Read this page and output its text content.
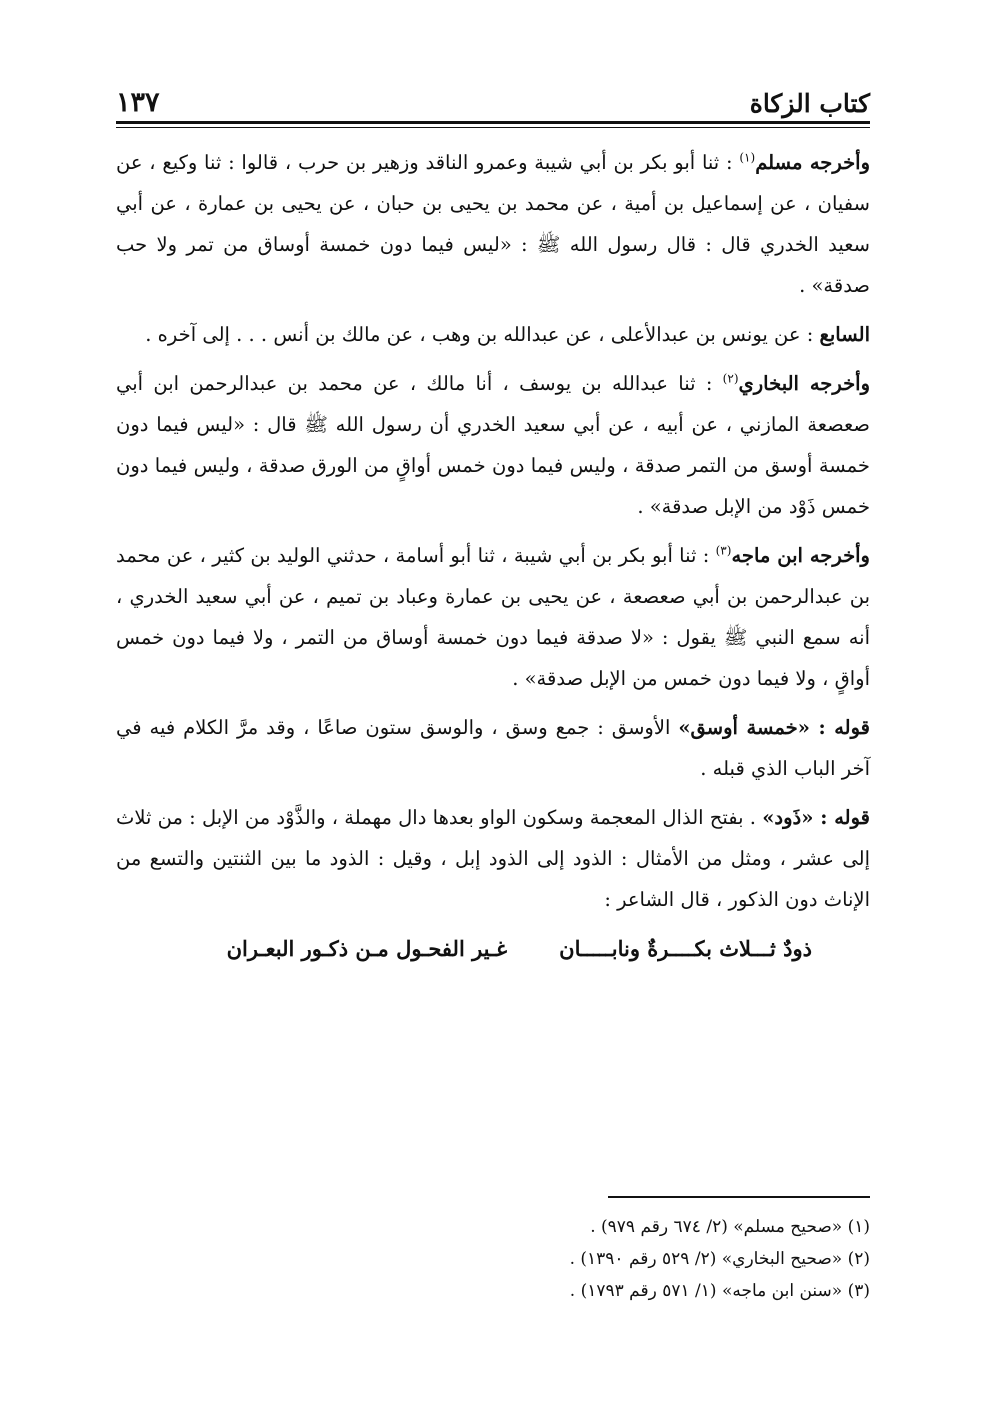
كتاب الزكاة
١٣٧

وأخرجه مسلم$^{(١)}$ : ثنا أبو بكر بن أبي شيبة وعمرو الناقد وزهير بن حرب ، قالوا : ثنا وكيع ، عن سفيان ، عن إسماعيل بن أمية ، عن محمد بن يحيى بن حبان ، عن يحيى بن عمارة ، عن أبي سعيد الخدري قال : قال رسول الله ﷺ : «ليس فيما دون خمسة أوساق من تمر ولا حب صدقة» .

السابع : عن يونس بن عبدالأعلى ، عن عبدالله بن وهب ، عن مالك بن أنس . . . إلى آخره .

وأخرجه البخاري$^{(٢)}$ : ثنا عبدالله بن يوسف ، أنا مالك ، عن محمد بن عبدالرحمن ابن أبي صعصعة المازني ، عن أبيه ، عن أبي سعيد الخدري أن رسول الله ﷺ قال : «ليس فيما دون خمسة أوسق من التمر صدقة ، وليس فيما دون خمس أواقٍ من الورق صدقة ، وليس فيما دون خمس ذَوْد من الإبل صدقة» .

وأخرجه ابن ماجه$^{(٣)}$ : ثنا أبو بكر بن أبي شيبة ، ثنا أبو أسامة ، حدثني الوليد بن كثير ، عن محمد بن عبدالرحمن بن أبي صعصعة ، عن يحيى بن عمارة وعباد بن تميم ، عن أبي سعيد الخدري ، أنه سمع النبي ﷺ يقول : «لا صدقة فيما دون خمسة أوساق من التمر ، ولا فيما دون خمس أواقٍ ، ولا فيما دون خمس من الإبل صدقة» .

قوله : «خمسة أوسق» الأوسق : جمع وسق ، والوسق ستون صاعًا ، وقد مرَّ الكلام فيه في آخر الباب الذي قبله .

قوله : «ذَود» . بفتح الذال المعجمة وسكون الواو بعدها دال مهملة ، والذَّوْد من الإبل : من ثلاث إلى عشر ، ومثل من الأمثال : الذود إلى الذود إبل ، وقيل : الذود ما بين الثنتين والتسع من الإناث دون الذكور ، قال الشاعر :

ذودٌ ثـــلاث بكــــرةٌ ونابـــــان
غـير الفحـول مـن ذكـور البعـران

(١) «صحيح مسلم» (٢/ ٦٧٤ رقم ٩٧٩) .

(٢) «صحيح البخاري» (٢/ ٥٢٩ رقم ١٣٩٠) .

(٣) «سنن ابن ماجه» (١/ ٥٧١ رقم ١٧٩٣) .
